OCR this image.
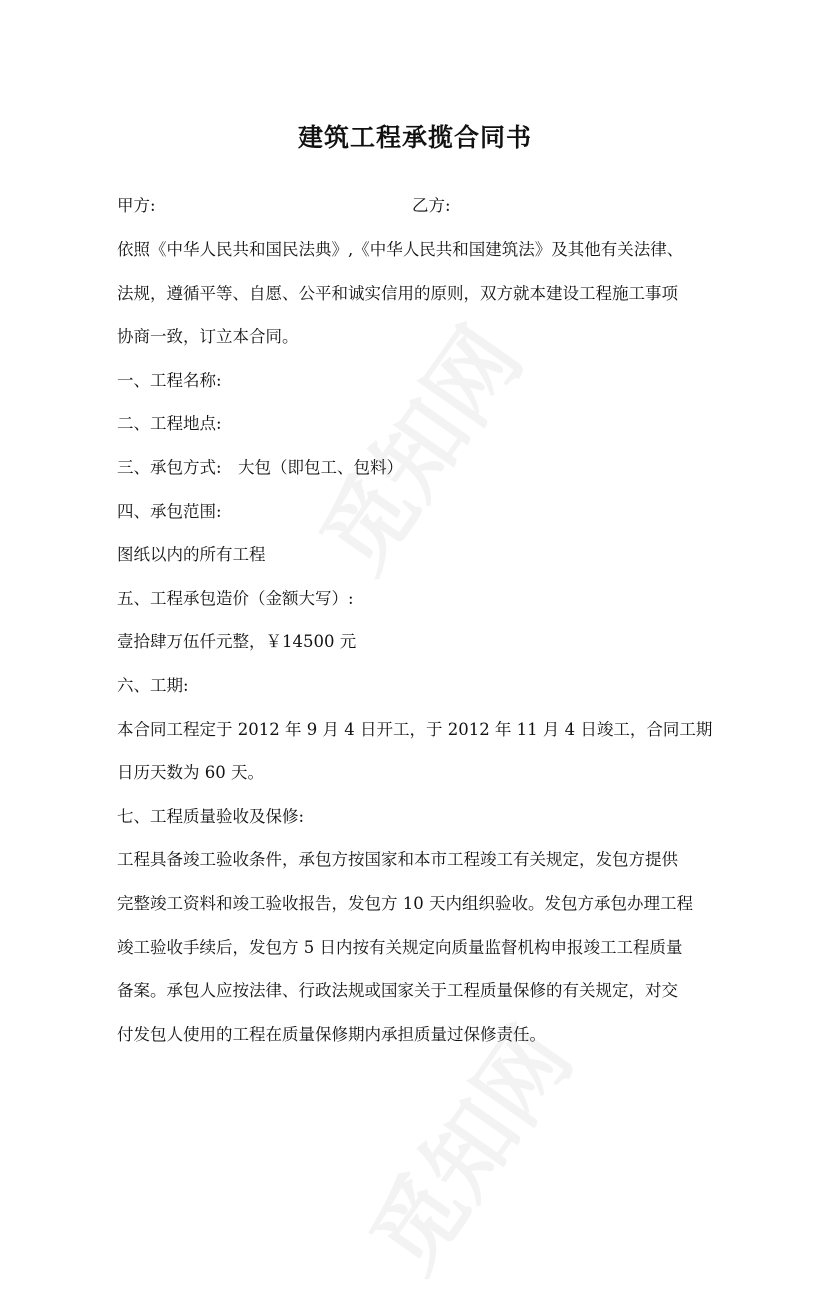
建筑工程承揽合同书
甲方:	乙方:
依照《中华人民共和国民法典》,《中华人民共和国建筑法》及其他有关法律、
法规，遵循平等、自愿、公平和诚实信用的原则，双方就本建设工程施工事项
协商一致，订立本合同。
一、工程名称:
二、工程地点:
三、承包方式:　大包（即包工、包料）
四、承包范围:
图纸以内的所有工程
五、工程承包造价（金额大写）:
壹拾肆万伍仟元整，￥14500 元
六、工期:
本合同工程定于 2012 年 9 月 4 日开工，于 2012 年 11 月 4 日竣工，合同工期
日历天数为 60 天。
七、工程质量验收及保修:
工程具备竣工验收条件，承包方按国家和本市工程竣工有关规定，发包方提供
完整竣工资料和竣工验收报告，发包方 10 天内组织验收。发包方承包办理工程
竣工验收手续后，发包方 5 日内按有关规定向质量监督机构申报竣工工程质量
备案。承包人应按法律、行政法规或国家关于工程质量保修的有关规定，对交
付发包人使用的工程在质量保修期内承担质量过保修责任。
